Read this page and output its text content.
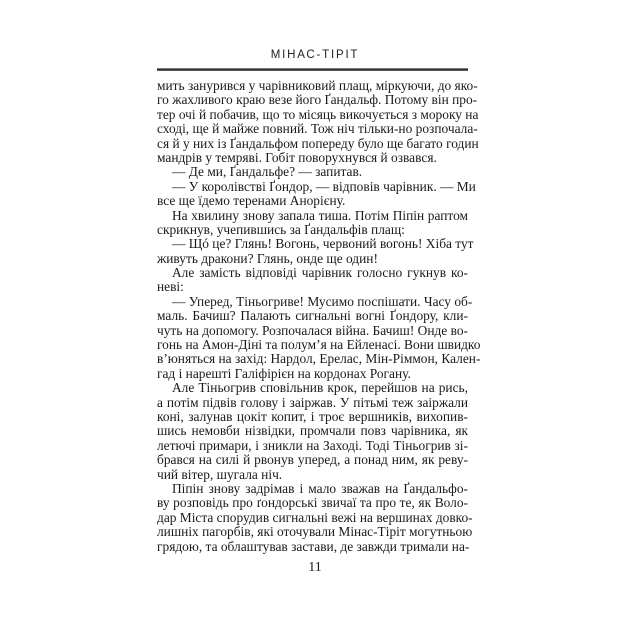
МІНАС-ТІРІТ
мить занурився у чарівниковий плащ, міркуючи, до яко-
го жахливого краю везе його Ґандальф. Потому він про-
тер очі й побачив, що то місяць викочується з мороку на
сході, ще й майже повний. Тож ніч тільки-но розпочала-
ся й у них із Ґандальфом попереду було ще багато годин
мандрів у темряві. Гобіт поворухнувся й озвався.
— Де ми, Ґандальфе? — запитав.
— У королівстві Ґондор, — відповів чарівник. — Ми
все ще їдемо теренами Анорієну.
На хвилину знову запала тиша. Потім Піпін раптом
скрикнув, учепившись за Ґандальфів плащ:
— Щó це? Глянь! Вогонь, червоний вогонь! Хіба тут
живуть дракони? Глянь, онде ще один!
Але замість відповіді чарівник голосно гукнув ко-
неві:
— Уперед, Тіньогриве! Мусимо поспішати. Часу об-
маль. Бачиш? Палають сигнальні вогні Ґондору, кли-
чуть на допомогу. Розпочалася війна. Бачиш! Онде во-
гонь на Амон-Діні та полум’я на Ейленасі. Вони швидко
в’юняться на захід: Нардол, Ерелас, Мін-Ріммон, Кален-
гад і нарешті Галіфірієн на кордонах Рогану.
Але Тіньогрив сповільнив крок, перейшов на рись,
а потім підвів голову і заіржав. У пітьмі теж заіржали
коні, залунав цокіт копит, і троє вершників, вихопив-
шись немовби нізвідки, промчали повз чарівника, як
летючі примари, і зникли на Заході. Тоді Тіньогрив зі-
брався на силі й рвонув уперед, а понад ним, як реву-
чий вітер, шугала ніч.
Піпін знову задрімав і мало зважав на Ґандальфо-
ву розповідь про ґондорські звичаї та про те, як Воло-
дар Міста спорудив сигнальні вежі на вершинах довко-
лишніх пагорбів, які оточували Мінас-Тіріт могутньою
грядою, та облаштував застави, де завжди тримали на-
11
